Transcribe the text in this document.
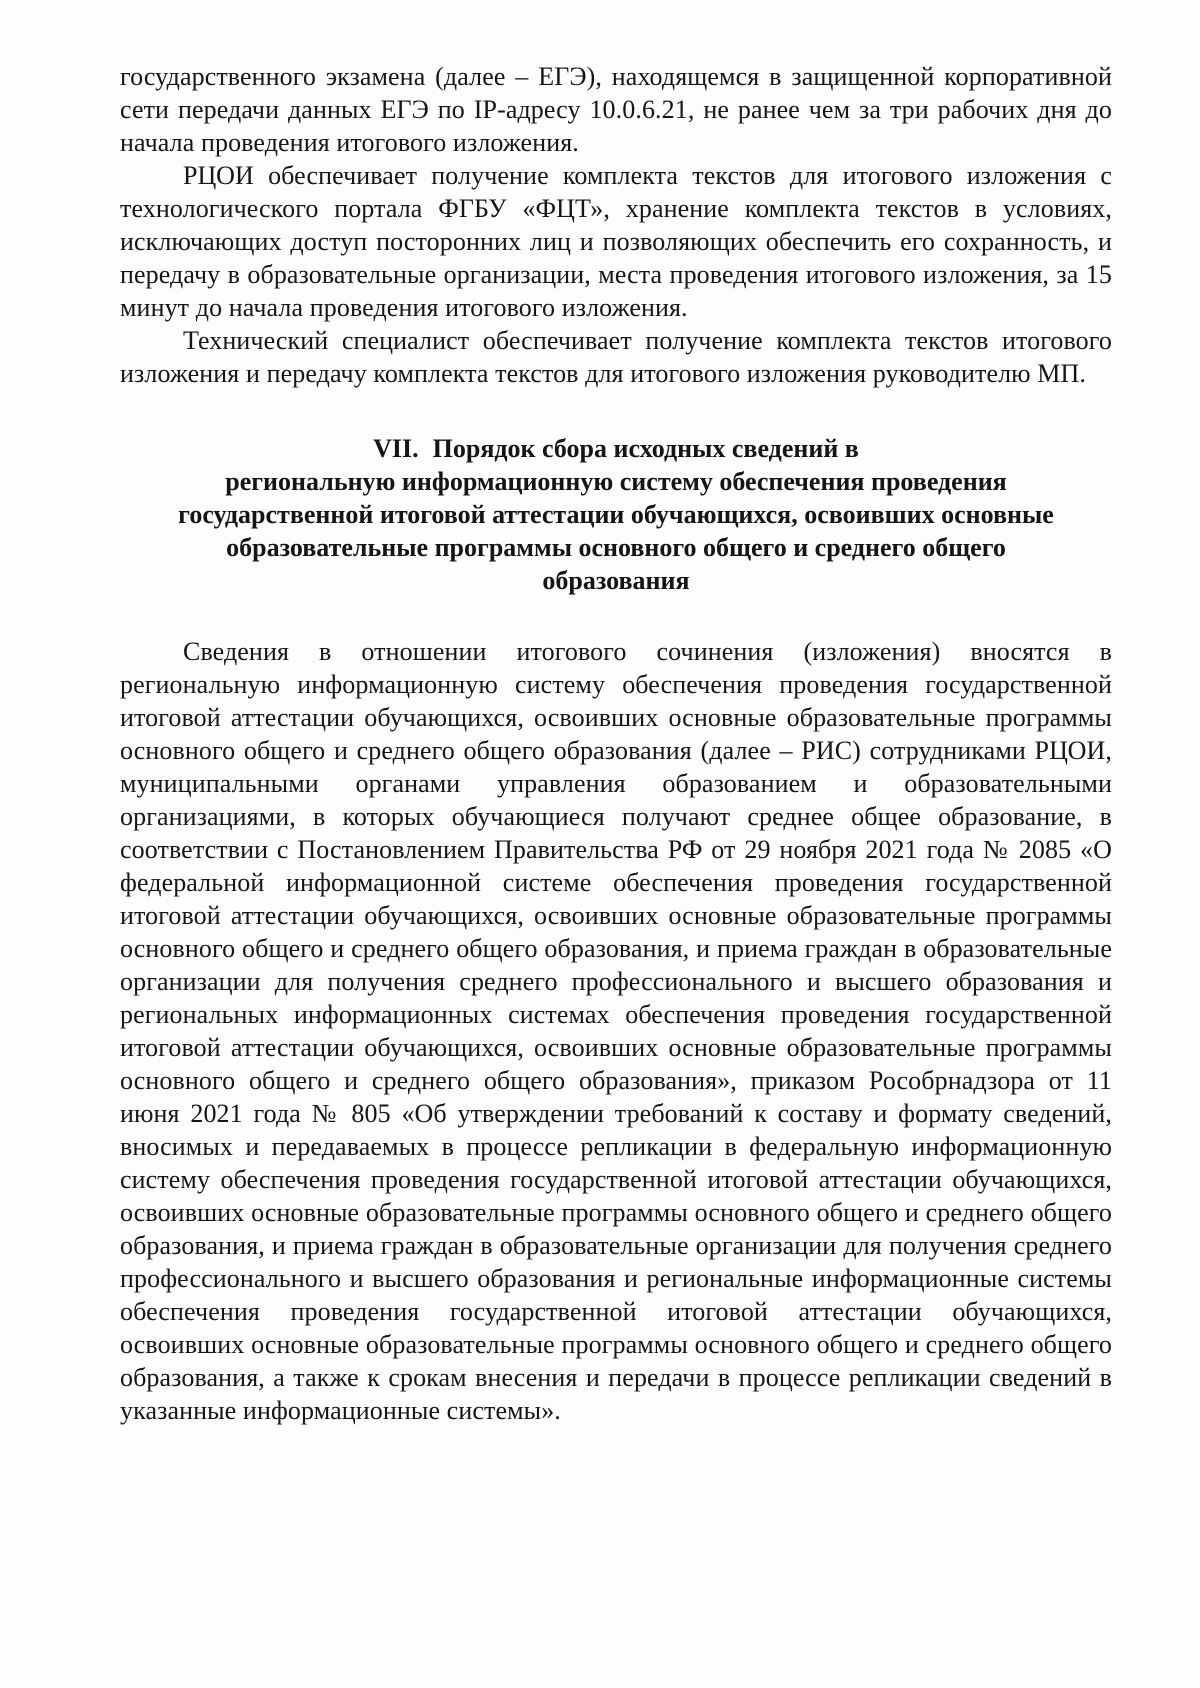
государственного экзамена (далее – ЕГЭ), находящемся в защищенной корпоративной сети передачи данных ЕГЭ по IP-адресу 10.0.6.21, не ранее чем за три рабочих дня до начала проведения итогового изложения.

РЦОИ обеспечивает получение комплекта текстов для итогового изложения с технологического портала ФГБУ «ФЦТ», хранение комплекта текстов в условиях, исключающих доступ посторонних лиц и позволяющих обеспечить его сохранность, и передачу в образовательные организации, места проведения итогового изложения, за 15 минут до начала проведения итогового изложения.

Технический специалист обеспечивает получение комплекта текстов итогового изложения и передачу комплекта текстов для итогового изложения руководителю МП.

VII. Порядок сбора исходных сведений в
региональную информационную систему обеспечения проведения
государственной итоговой аттестации обучающихся, освоивших основные
образовательные программы основного общего и среднего общего
образования

Сведения в отношении итогового сочинения (изложения) вносятся в региональную информационную систему обеспечения проведения государственной итоговой аттестации обучающихся, освоивших основные образовательные программы основного общего и среднего общего образования (далее – РИС) сотрудниками РЦОИ, муниципальными органами управления образованием и образовательными организациями, в которых обучающиеся получают среднее общее образование, в соответствии с Постановлением Правительства РФ от 29 ноября 2021 года № 2085 «О федеральной информационной системе обеспечения проведения государственной итоговой аттестации обучающихся, освоивших основные образовательные программы основного общего и среднего общего образования, и приема граждан в образовательные организации для получения среднего профессионального и высшего образования и региональных информационных системах обеспечения проведения государственной итоговой аттестации обучающихся, освоивших основные образовательные программы основного общего и среднего общего образования», приказом Рособрнадзора от 11 июня 2021 года № 805 «Об утверждении требований к составу и формату сведений, вносимых и передаваемых в процессе репликации в федеральную информационную систему обеспечения проведения государственной итоговой аттестации обучающихся, освоивших основные образовательные программы основного общего и среднего общего образования, и приема граждан в образовательные организации для получения среднего профессионального и высшего образования и региональные информационные системы обеспечения проведения государственной итоговой аттестации обучающихся, освоивших основные образовательные программы основного общего и среднего общего образования, а также к срокам внесения и передачи в процессе репликации сведений в указанные информационные системы».
